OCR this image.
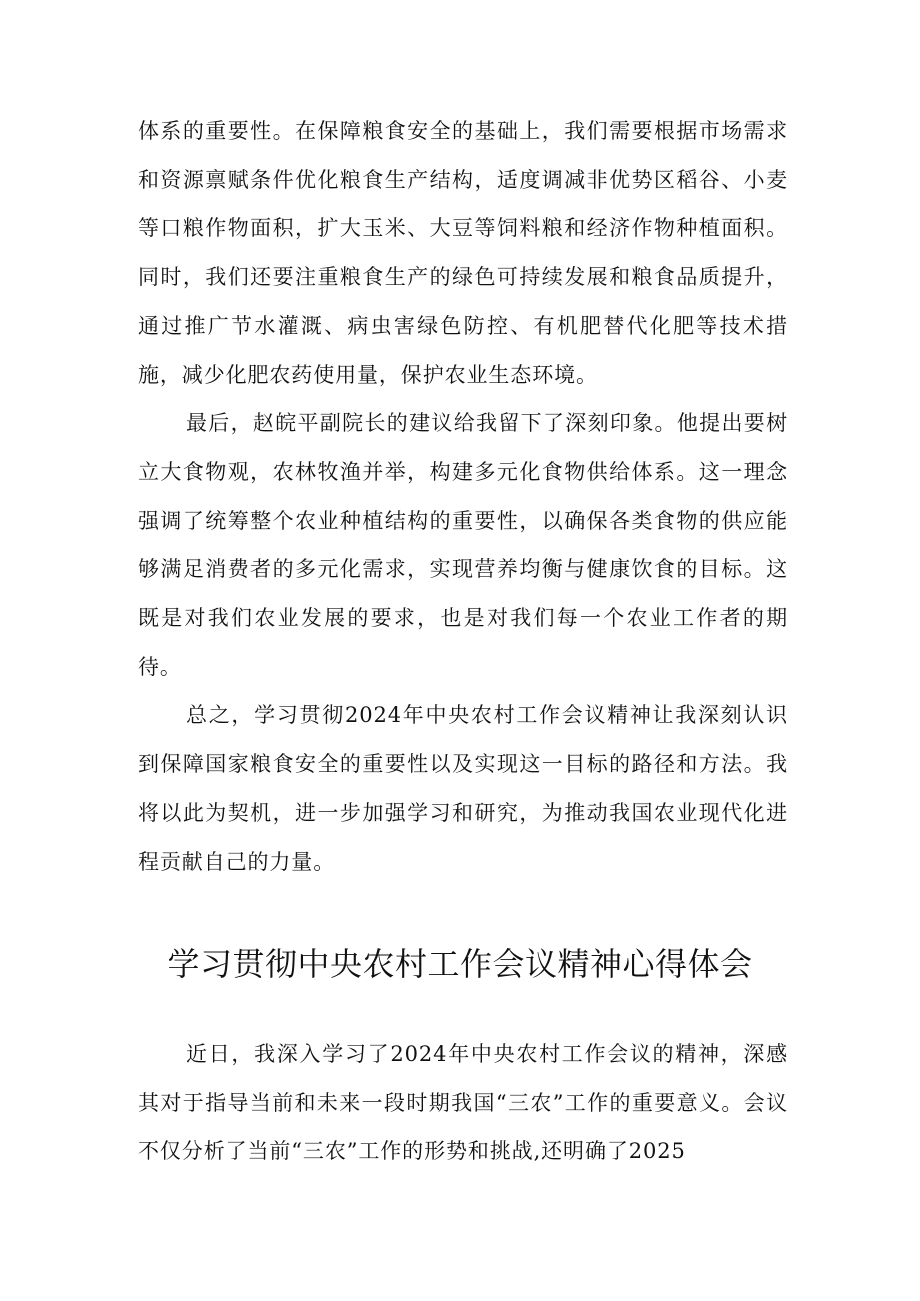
体系的重要性。在保障粮食安全的基础上，我们需要根据市场需求和资源禀赋条件优化粮食生产结构，适度调减非优势区稻谷、小麦等口粮作物面积，扩大玉米、大豆等饲料粮和经济作物种植面积。同时，我们还要注重粮食生产的绿色可持续发展和粮食品质提升，通过推广节水灌溉、病虫害绿色防控、有机肥替代化肥等技术措施，减少化肥农药使用量，保护农业生态环境。

最后，赵皖平副院长的建议给我留下了深刻印象。他提出要树立大食物观，农林牧渔并举，构建多元化食物供给体系。这一理念强调了统筹整个农业种植结构的重要性，以确保各类食物的供应能够满足消费者的多元化需求，实现营养均衡与健康饮食的目标。这既是对我们农业发展的要求，也是对我们每一个农业工作者的期待。

总之，学习贯彻2024年中央农村工作会议精神让我深刻认识到保障国家粮食安全的重要性以及实现这一目标的路径和方法。我将以此为契机，进一步加强学习和研究，为推动我国农业现代化进程贡献自己的力量。

学习贯彻中央农村工作会议精神心得体会

近日，我深入学习了2024年中央农村工作会议的精神，深感其对于指导当前和未来一段时期我国“三农”工作的重要意义。会议不仅分析了当前“三农”工作的形势和挑战,还明确了2025
